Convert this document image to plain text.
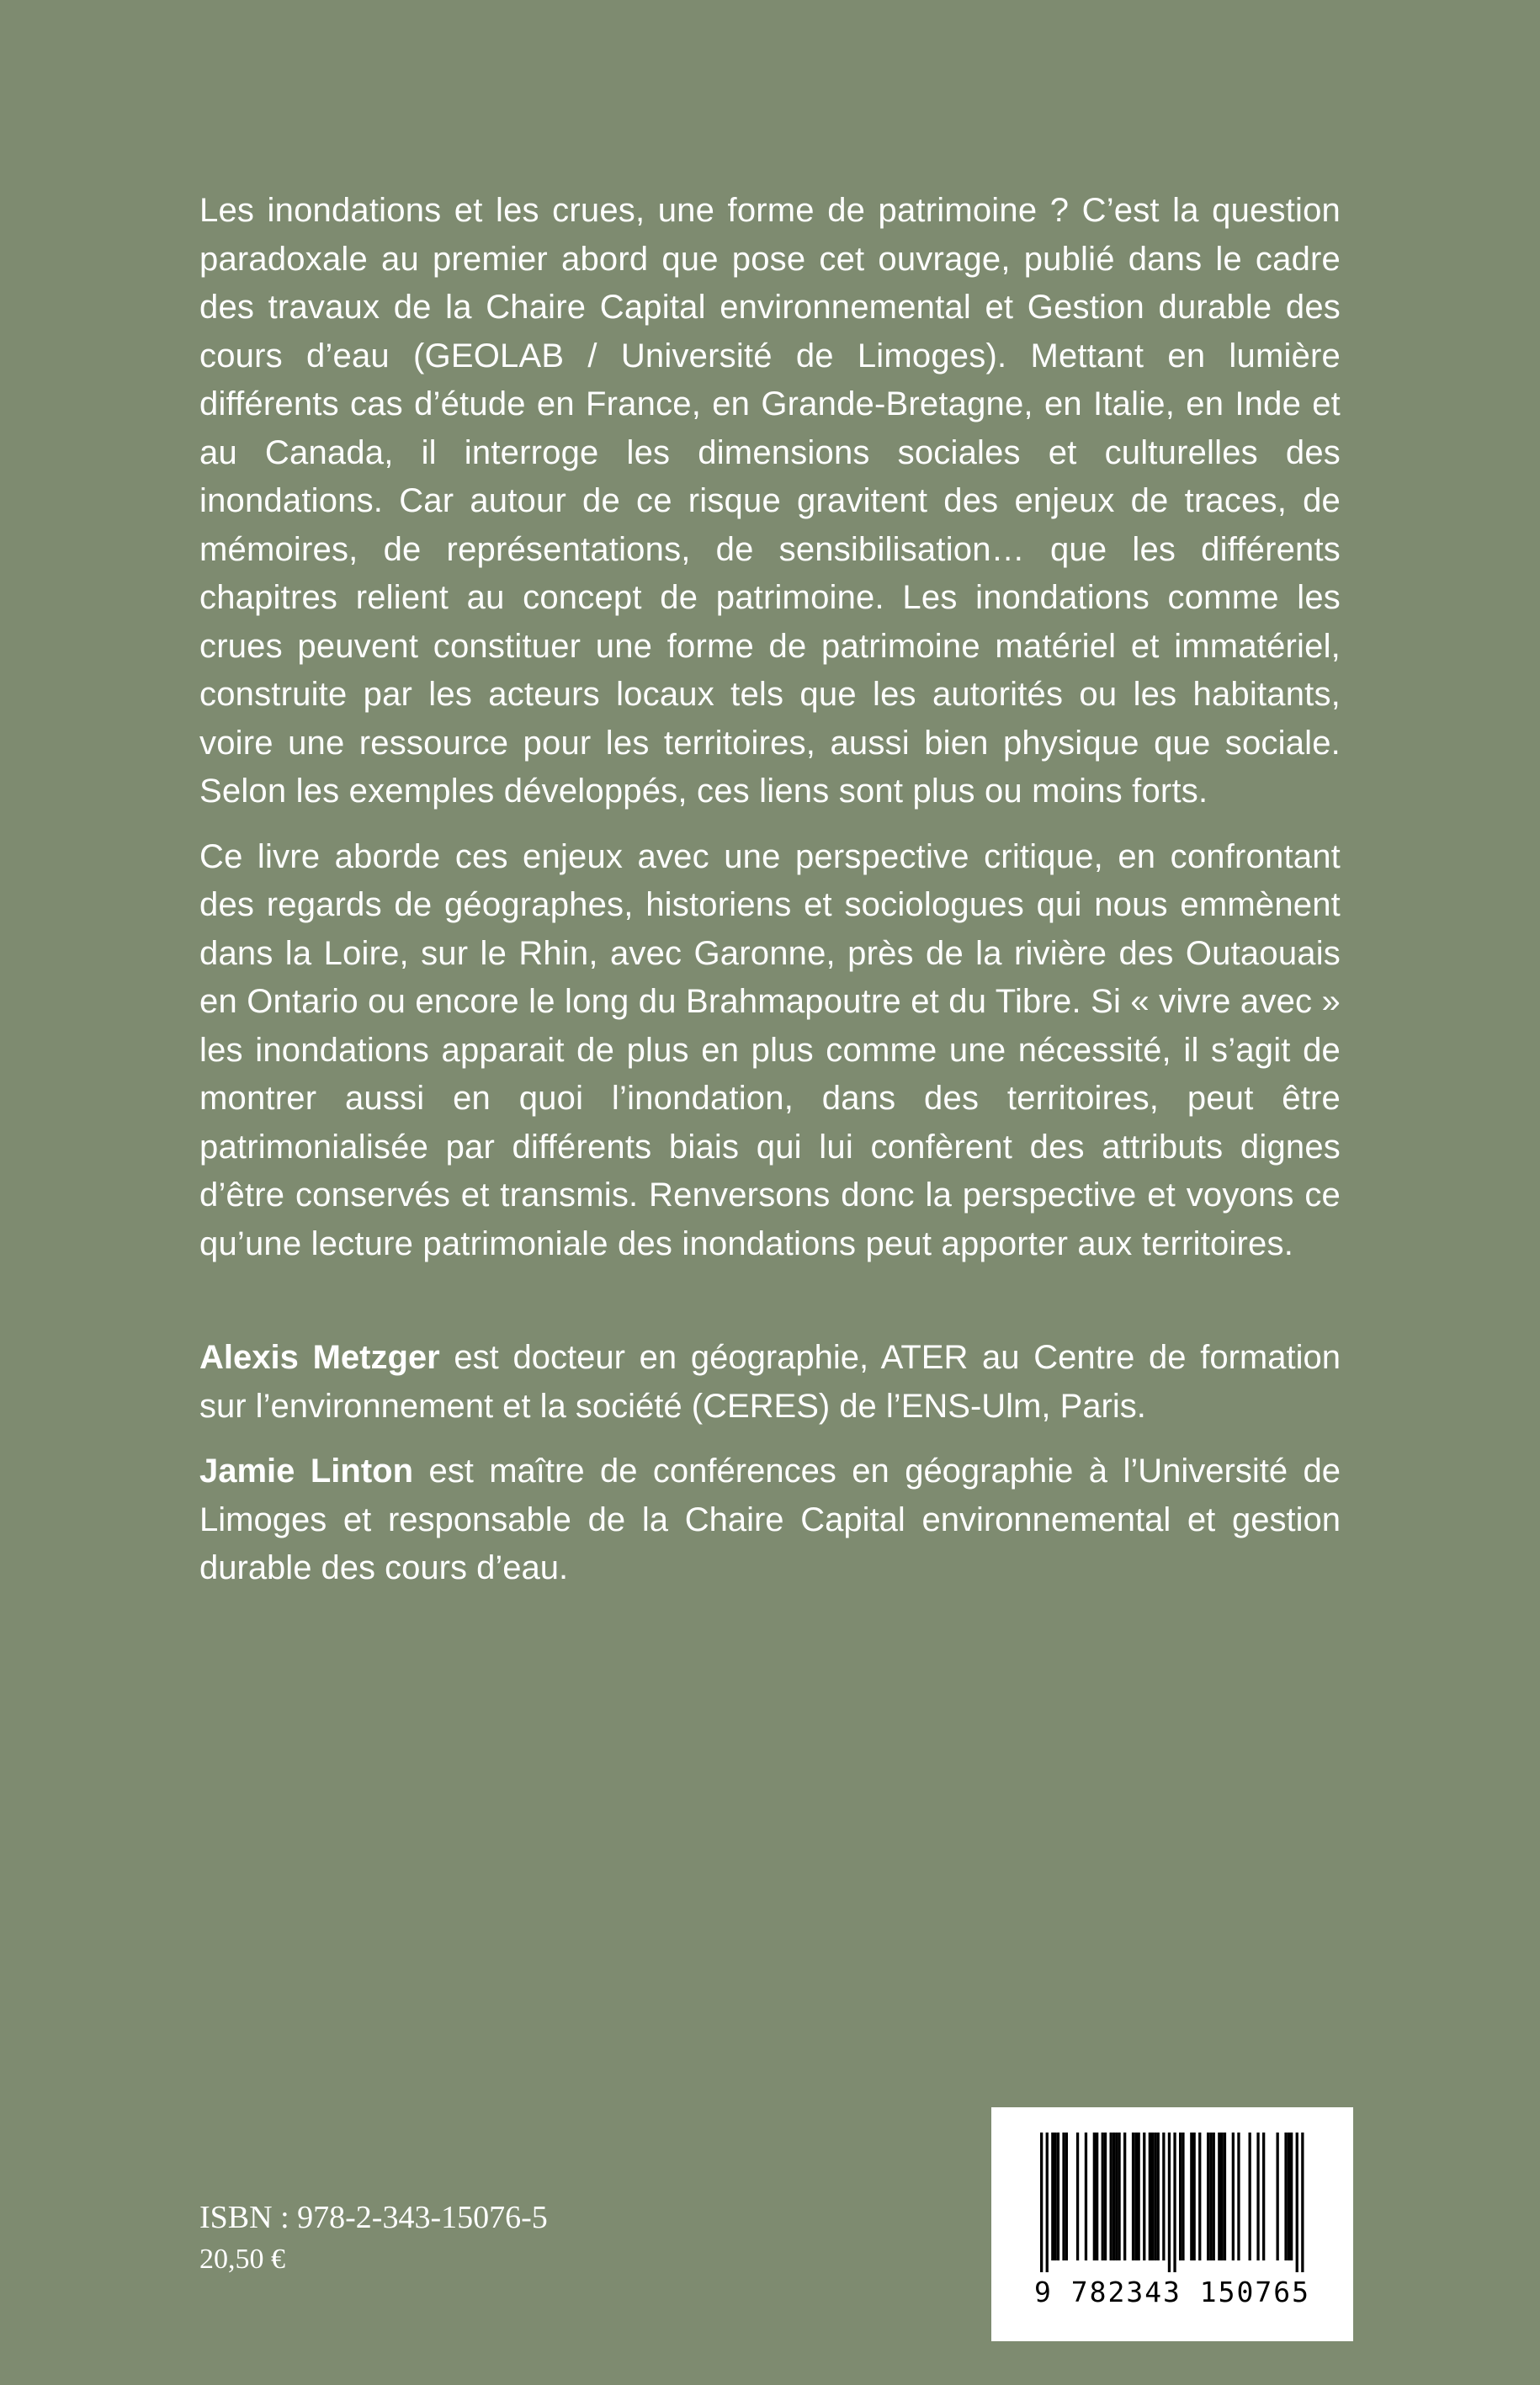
Les inondations et les crues, une forme de patrimoine ? C’est la question paradoxale au premier abord que pose cet ouvrage, publié dans le cadre des travaux de la Chaire Capital environnemental et Gestion durable des cours d’eau (GEOLAB / Université de Limoges). Mettant en lumière différents cas d’étude en France, en Grande-Bretagne, en Italie, en Inde et au Canada, il interroge les dimensions sociales et culturelles des inondations. Car autour de ce risque gravitent des enjeux de traces, de mémoires, de représentations, de sensibilisation… que les différents chapitres relient au concept de patrimoine. Les inondations comme les crues peuvent constituer une forme de patrimoine matériel et immatériel, construite par les acteurs locaux tels que les autorités ou les habitants, voire une ressource pour les territoires, aussi bien physique que sociale. Selon les exemples développés, ces liens sont plus ou moins forts.

Ce livre aborde ces enjeux avec une perspective critique, en confrontant des regards de géographes, historiens et sociologues qui nous emmènent dans la Loire, sur le Rhin, avec Garonne, près de la rivière des Outaouais en Ontario ou encore le long du Brahmapoutre et du Tibre. Si « vivre avec » les inondations apparait de plus en plus comme une nécessité, il s’agit de montrer aussi en quoi l’inondation, dans des territoires, peut être patrimonialisée par différents biais qui lui confèrent des attributs dignes d’être conservés et transmis. Renversons donc la perspective et voyons ce qu’une lecture patrimoniale des inondations peut apporter aux territoires.

Alexis Metzger est docteur en géographie, ATER au Centre de formation sur l’environnement et la société (CERES) de l’ENS-Ulm, Paris.

Jamie Linton est maître de conférences en géographie à l’Université de Limoges et responsable de la Chaire Capital environnemental et gestion durable des cours d’eau.

ISBN : 978-2-343-15076-5
20,50 €
9 782343 150765
